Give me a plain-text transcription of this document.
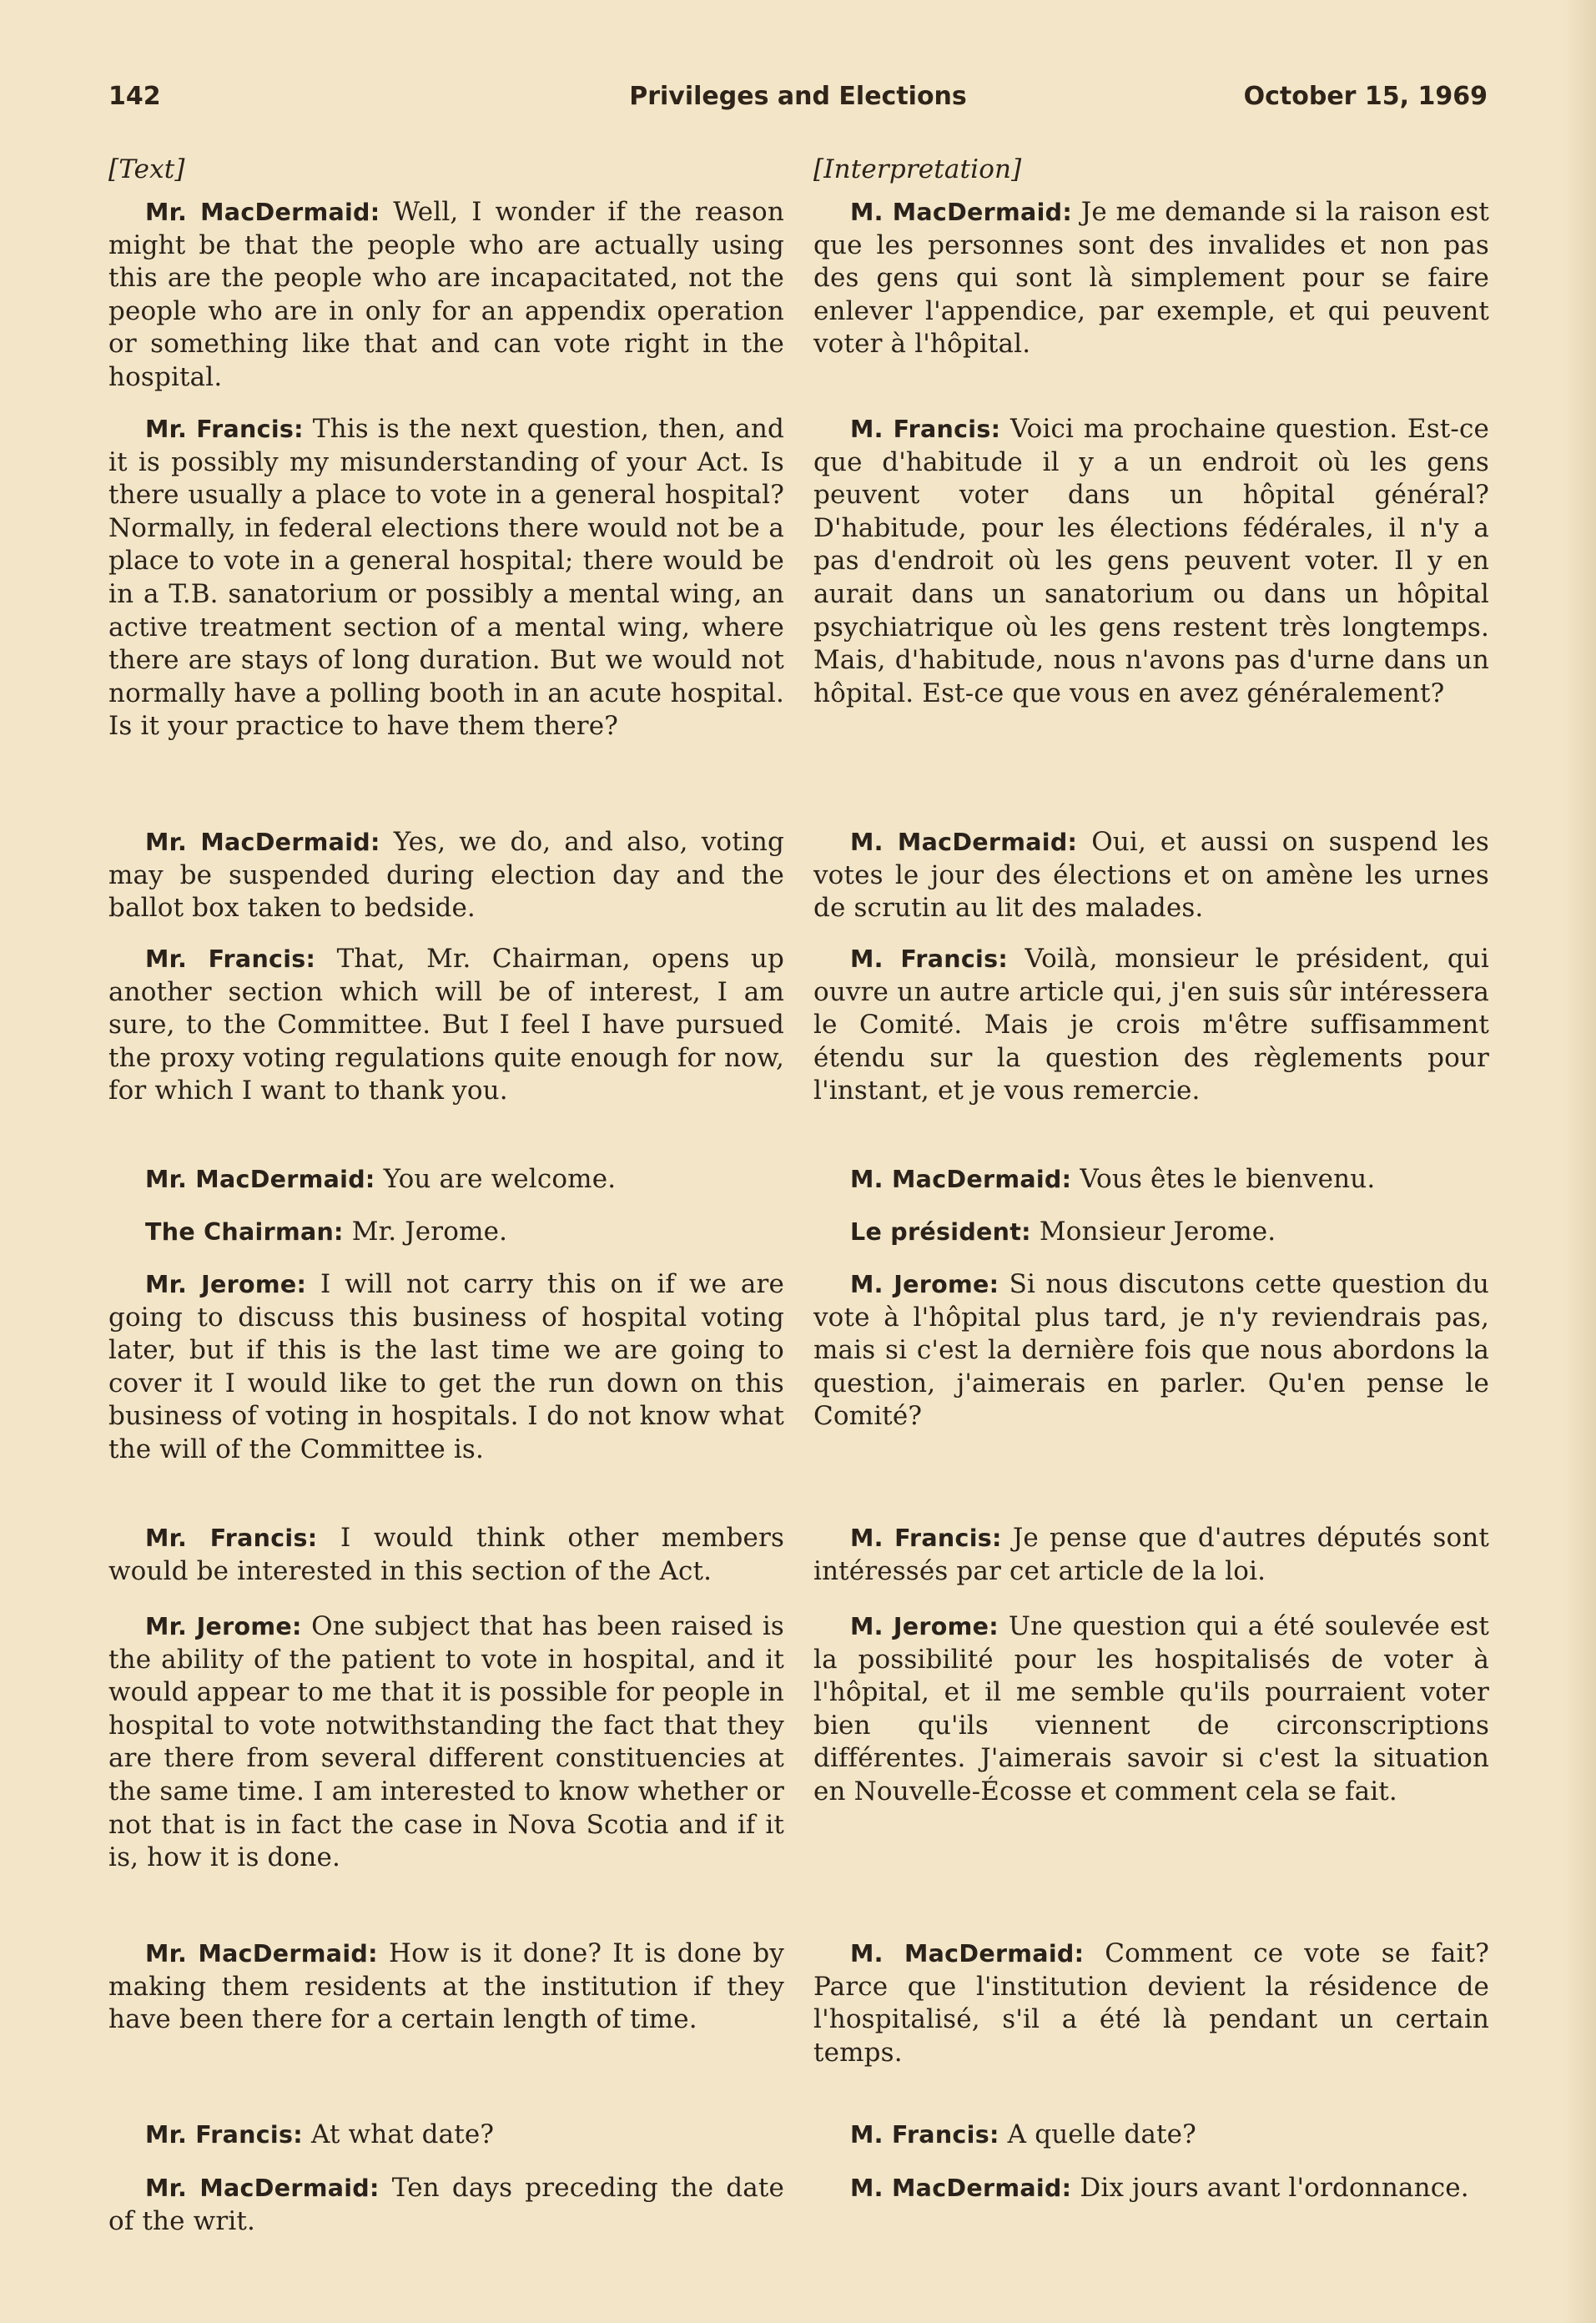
142	Privileges and Elections	October 15, 1969
[Text]
Mr. MacDermaid: Well, I wonder if the reason might be that the people who are actually using this are the people who are incapacitated, not the people who are in only for an appendix operation or something like that and can vote right in the hospital.
Mr. Francis: This is the next question, then, and it is possibly my misunderstanding of your Act. Is there usually a place to vote in a general hospital? Normally, in federal elections there would not be a place to vote in a general hospital; there would be in a T.B. sanatorium or possibly a mental wing, an active treatment section of a mental wing, where there are stays of long duration. But we would not normally have a polling booth in an acute hospital. Is it your practice to have them there?
Mr. MacDermaid: Yes, we do, and also, voting may be suspended during election day and the ballot box taken to bedside.
Mr. Francis: That, Mr. Chairman, opens up another section which will be of interest, I am sure, to the Committee. But I feel I have pursued the proxy voting regulations quite enough for now, for which I want to thank you.
Mr. MacDermaid: You are welcome.
The Chairman: Mr. Jerome.
Mr. Jerome: I will not carry this on if we are going to discuss this business of hospital voting later, but if this is the last time we are going to cover it I would like to get the run down on this business of voting in hospitals. I do not know what the will of the Committee is.
Mr. Francis: I would think other members would be interested in this section of the Act.
Mr. Jerome: One subject that has been raised is the ability of the patient to vote in hospital, and it would appear to me that it is possible for people in hospital to vote notwithstanding the fact that they are there from several different constituencies at the same time. I am interested to know whether or not that is in fact the case in Nova Scotia and if it is, how it is done.
Mr. MacDermaid: How is it done? It is done by making them residents at the institution if they have been there for a certain length of time.
Mr. Francis: At what date?
Mr. MacDermaid: Ten days preceding the date of the writ.
[Interpretation]
M. MacDermaid: Je me demande si la raison est que les personnes sont des invalides et non pas des gens qui sont là simplement pour se faire enlever l'appendice, par exemple, et qui peuvent voter à l'hôpital.
M. Francis: Voici ma prochaine question. Est-ce que d'habitude il y a un endroit où les gens peuvent voter dans un hôpital général? D'habitude, pour les élections fédérales, il n'y a pas d'endroit où les gens peuvent voter. Il y en aurait dans un sanatorium ou dans un hôpital psychiatrique où les gens restent très longtemps. Mais, d'habitude, nous n'avons pas d'urne dans un hôpital. Est-ce que vous en avez généralement?
M. MacDermaid: Oui, et aussi on suspend les votes le jour des élections et on amène les urnes de scrutin au lit des malades.
M. Francis: Voilà, monsieur le président, qui ouvre un autre article qui, j'en suis sûr intéressera le Comité. Mais je crois m'être suffisamment étendu sur la question des règlements pour l'instant, et je vous remercie.
M. MacDermaid: Vous êtes le bienvenu.
Le président: Monsieur Jerome.
M. Jerome: Si nous discutons cette question du vote à l'hôpital plus tard, je n'y reviendrais pas, mais si c'est la dernière fois que nous abordons la question, j'aimerais en parler. Qu'en pense le Comité?
M. Francis: Je pense que d'autres députés sont intéressés par cet article de la loi.
M. Jerome: Une question qui a été soulevée est la possibilité pour les hospitalisés de voter à l'hôpital, et il me semble qu'ils pourraient voter bien qu'ils viennent de circonscriptions différentes. J'aimerais savoir si c'est la situation en Nouvelle-Écosse et comment cela se fait.
M. MacDermaid: Comment ce vote se fait? Parce que l'institution devient la résidence de l'hospitalisé, s'il a été là pendant un certain temps.
M. Francis: A quelle date?
M. MacDermaid: Dix jours avant l'ordonnance.
